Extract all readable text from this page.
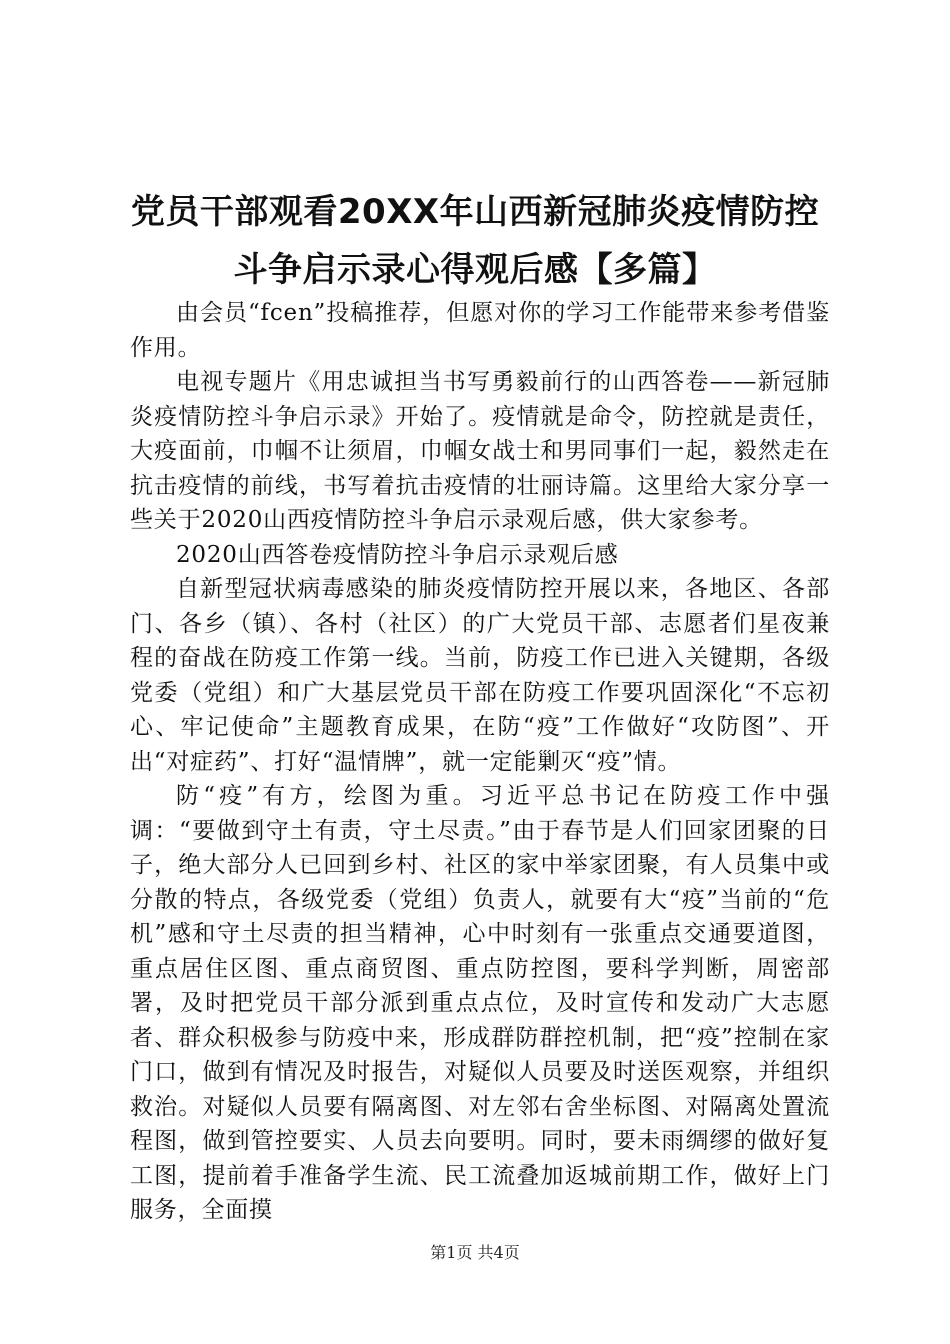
党员干部观看20XX年山西新冠肺炎疫情防控
斗争启示录心得观后感【多篇】

由会员“fcen”投稿推荐，但愿对你的学习工作能带来参考借鉴作用。

电视专题片《用忠诚担当书写勇毅前行的山西答卷——新冠肺炎疫情防控斗争启示录》开始了。疫情就是命令，防控就是责任，大疫面前，巾帼不让须眉，巾帼女战士和男同事们一起，毅然走在抗击疫情的前线，书写着抗击疫情的壮丽诗篇。这里给大家分享一些关于2020山西疫情防控斗争启示录观后感，供大家参考。

2020山西答卷疫情防控斗争启示录观后感

自新型冠状病毒感染的肺炎疫情防控开展以来，各地区、各部门、各乡（镇）、各村（社区）的广大党员干部、志愿者们星夜兼程的奋战在防疫工作第一线。当前，防疫工作已进入关键期，各级党委（党组）和广大基层党员干部在防疫工作要巩固深化“不忘初心、牢记使命”主题教育成果，在防“疫”工作做好“攻防图”、开出“对症药”、打好“温情牌”，就一定能剿灭“疫”情。

防“疫”有方，绘图为重。习近平总书记在防疫工作中强调：“要做到守土有责，守土尽责。”由于春节是人们回家团聚的日子，绝大部分人已回到乡村、社区的家中举家团聚，有人员集中或分散的特点，各级党委（党组）负责人，就要有大“疫”当前的“危机”感和守土尽责的担当精神，心中时刻有一张重点交通要道图，重点居住区图、重点商贸图、重点防控图，要科学判断，周密部署，及时把党员干部分派到重点点位，及时宣传和发动广大志愿者、群众积极参与防疫中来，形成群防群控机制，把“疫”控制在家门口，做到有情况及时报告，对疑似人员要及时送医观察，并组织救治。对疑似人员要有隔离图、对左邻右舍坐标图、对隔离处置流程图，做到管控要实、人员去向要明。同时，要未雨绸缪的做好复工图，提前着手准备学生流、民工流叠加返城前期工作，做好上门服务，全面摸

第1页 共4页
